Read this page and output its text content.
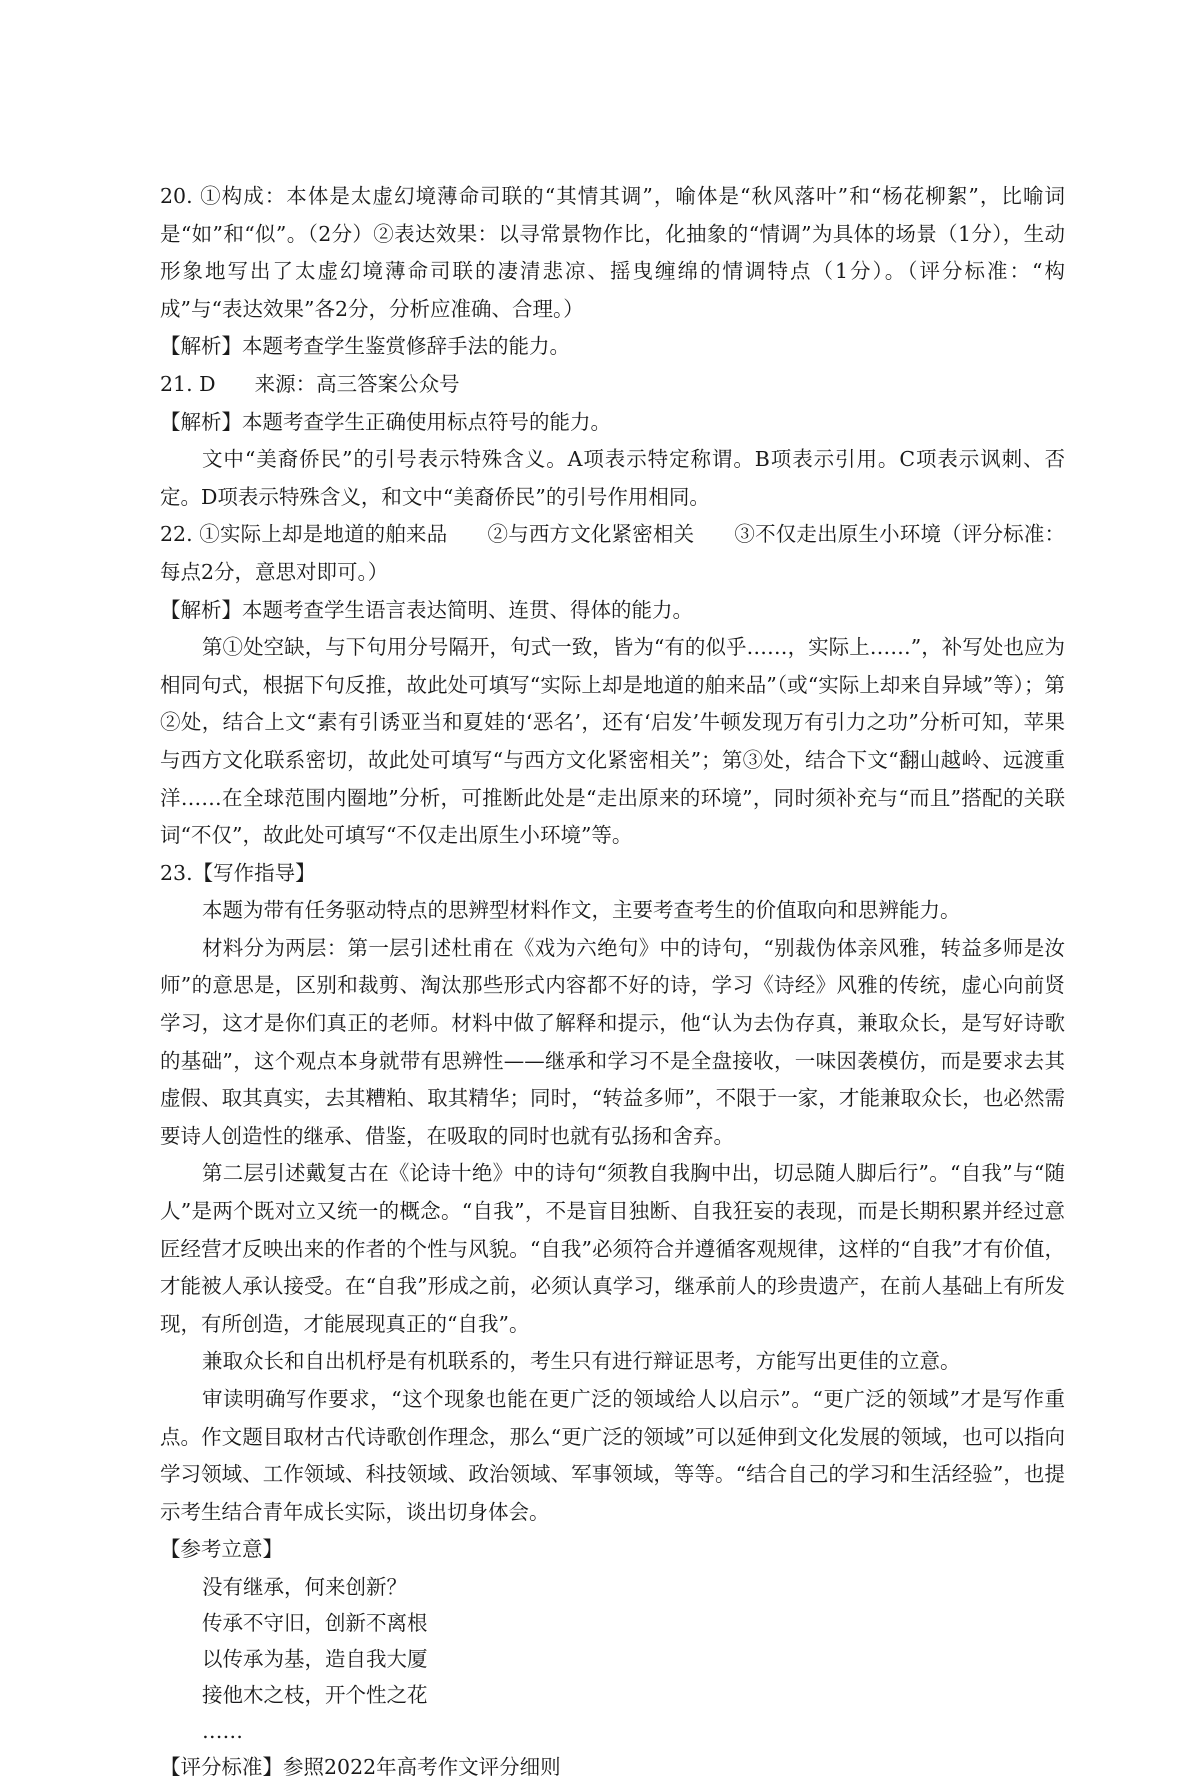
20. ①构成：本体是太虚幻境薄命司联的“其情其调”，喻体是“秋风落叶”和“杨花柳絮”，比喻词是“如”和“似”。（2分）②表达效果：以寻常景物作比，化抽象的“情调”为具体的场景（1分），生动形象地写出了太虚幻境薄命司联的凄清悲凉、摇曳缠绵的情调特点（1分）。（评分标准：“构成”与“表达效果”各2分，分析应准确、合理。）

【解析】本题考查学生鉴赏修辞手法的能力。

21. D      来源：高三答案公众号

【解析】本题考查学生正确使用标点符号的能力。

文中“美裔侨民”的引号表示特殊含义。A项表示特定称谓。B项表示引用。C项表示讽刺、否定。D项表示特殊含义，和文中“美裔侨民”的引号作用相同。

22. ①实际上却是地道的舶来品      ②与西方文化紧密相关      ③不仅走出原生小环境（评分标准：每点2分，意思对即可。）

【解析】本题考查学生语言表达简明、连贯、得体的能力。

第①处空缺，与下句用分号隔开，句式一致，皆为“有的似乎……，实际上……”，补写处也应为相同句式，根据下句反推，故此处可填写“实际上却是地道的舶来品”（或“实际上却来自异域”等）；第②处，结合上文“素有引诱亚当和夏娃的‘恶名’，还有‘启发’牛顿发现万有引力之功”分析可知，苹果与西方文化联系密切，故此处可填写“与西方文化紧密相关”；第③处，结合下文“翻山越岭、远渡重洋……在全球范围内圈地”分析，可推断此处是“走出原来的环境”，同时须补充与“而且”搭配的关联词“不仅”，故此处可填写“不仅走出原生小环境”等。

23.【写作指导】

本题为带有任务驱动特点的思辨型材料作文，主要考查考生的价值取向和思辨能力。

材料分为两层：第一层引述杜甫在《戏为六绝句》中的诗句，“别裁伪体亲风雅，转益多师是汝师”的意思是，区别和裁剪、淘汰那些形式内容都不好的诗，学习《诗经》风雅的传统，虚心向前贤学习，这才是你们真正的老师。材料中做了解释和提示，他“认为去伪存真，兼取众长，是写好诗歌的基础”，这个观点本身就带有思辨性——继承和学习不是全盘接收，一味因袭模仿，而是要求去其虚假、取其真实，去其糟粕、取其精华；同时，“转益多师”，不限于一家，才能兼取众长，也必然需要诗人创造性的继承、借鉴，在吸取的同时也就有弘扬和舍弃。

第二层引述戴复古在《论诗十绝》中的诗句“须教自我胸中出，切忌随人脚后行”。“自我”与“随人”是两个既对立又统一的概念。“自我”，不是盲目独断、自我狂妄的表现，而是长期积累并经过意匠经营才反映出来的作者的个性与风貌。“自我”必须符合并遵循客观规律，这样的“自我”才有价值，才能被人承认接受。在“自我”形成之前，必须认真学习，继承前人的珍贵遗产，在前人基础上有所发现，有所创造，才能展现真正的“自我”。

兼取众长和自出机杼是有机联系的，考生只有进行辩证思考，方能写出更佳的立意。

审读明确写作要求，“这个现象也能在更广泛的领域给人以启示”。“更广泛的领域”才是写作重点。作文题目取材古代诗歌创作理念，那么“更广泛的领域”可以延伸到文化发展的领域，也可以指向学习领域、工作领域、科技领域、政治领域、军事领域，等等。“结合自己的学习和生活经验”，也提示考生结合青年成长实际，谈出切身体会。

【参考立意】

没有继承，何来创新？
传承不守旧，创新不离根
以传承为基，造自我大厦
接他木之枝，开个性之花
……

【评分标准】参照2022年高考作文评分细则
